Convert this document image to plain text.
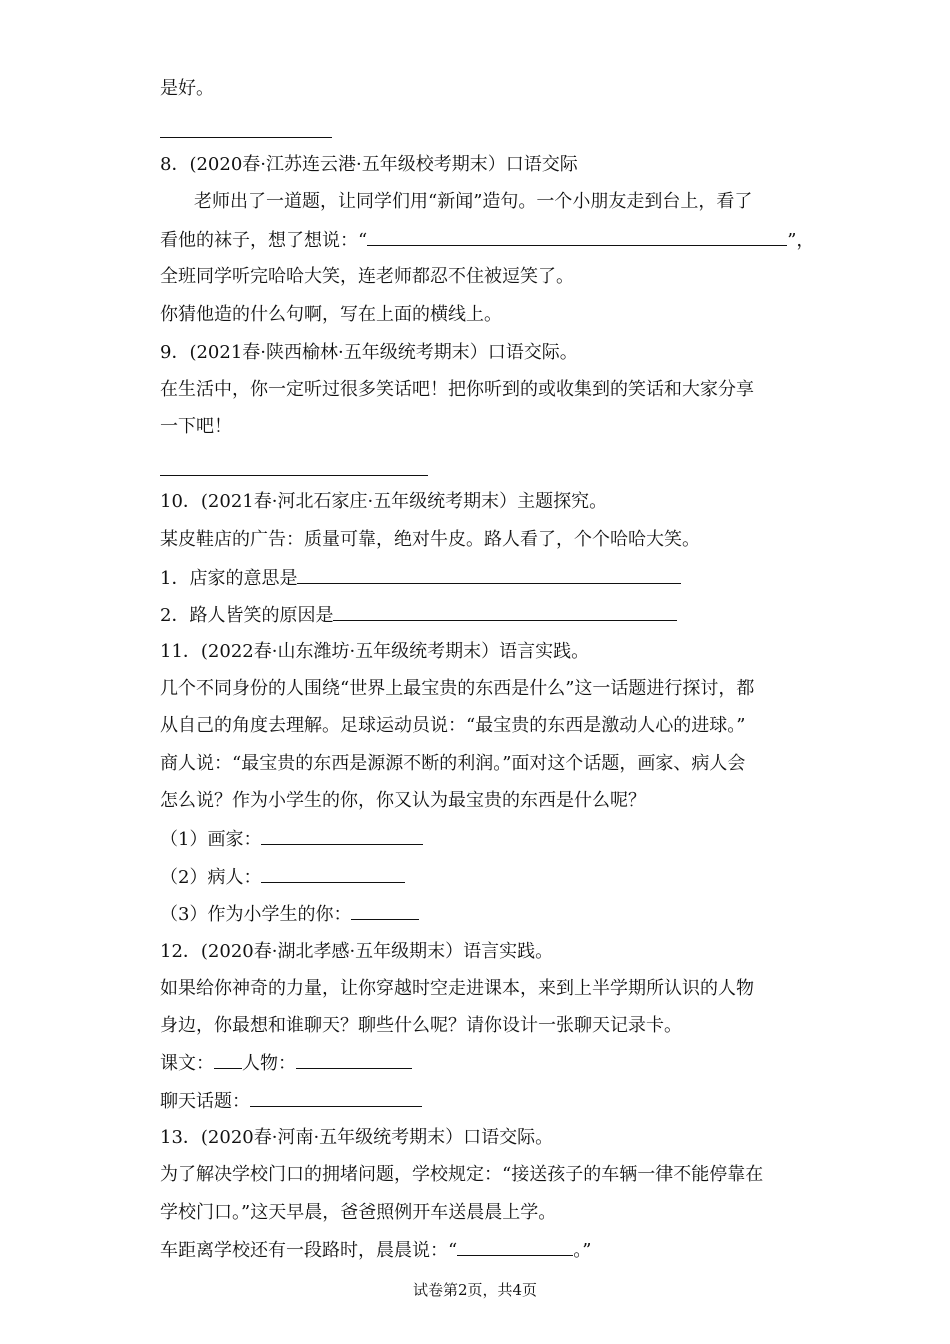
是好。
8．(2020春·江苏连云港·五年级校考期末）口语交际
老师出了一道题，让同学们用“新闻”造句。一个小朋友走到台上，看了
看他的袜子，想了想说：“	”，
全班同学听完哈哈大笑，连老师都忍不住被逗笑了。
你猜他造的什么句啊，写在上面的横线上。
9．(2021春·陕西榆林·五年级统考期末）口语交际。
在生活中，你一定听过很多笑话吧！把你听到的或收集到的笑话和大家分享
一下吧！
10．(2021春·河北石家庄·五年级统考期末）主题探究。
某皮鞋店的广告：质量可靠，绝对牛皮。路人看了，个个哈哈大笑。
1．店家的意思是
2．路人皆笑的原因是
11．(2022春·山东潍坊·五年级统考期末）语言实践。
几个不同身份的人围绕“世界上最宝贵的东西是什么”这一话题进行探讨，都
从自己的角度去理解。足球运动员说：“最宝贵的东西是激动人心的进球。”
商人说：“最宝贵的东西是源源不断的利润。”面对这个话题，画家、病人会
怎么说？作为小学生的你，你又认为最宝贵的东西是什么呢？
（1）画家：
（2）病人：
（3）作为小学生的你：
12．(2020春·湖北孝感·五年级期末）语言实践。
如果给你神奇的力量，让你穿越时空走进课本，来到上半学期所认识的人物
身边，你最想和谁聊天？聊些什么呢？请你设计一张聊天记录卡。
课文： 人物：
聊天话题：
13．(2020春·河南·五年级统考期末）口语交际。
为了解决学校门口的拥堵问题，学校规定：“接送孩子的车辆一律不能停靠在
学校门口。”这天早晨，爸爸照例开车送晨晨上学。
车距离学校还有一段路时，晨晨说：“	。”
试卷第2页，共4页
